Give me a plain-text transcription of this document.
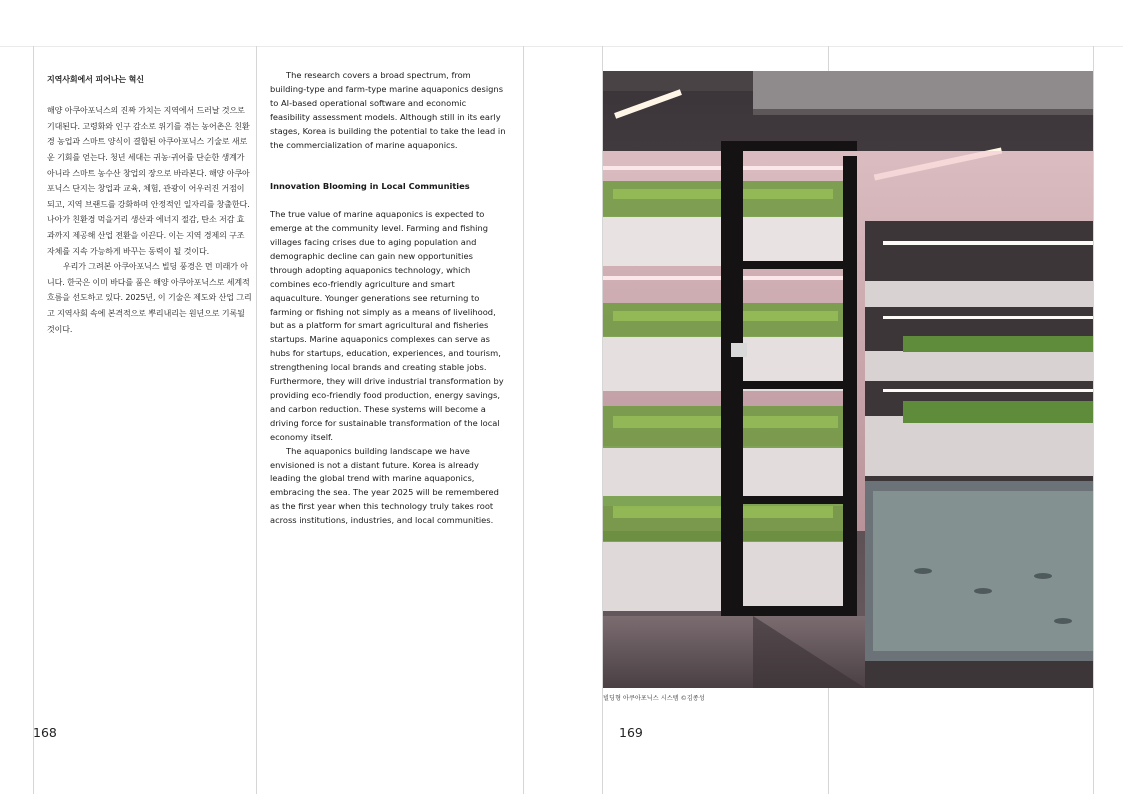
지역사회에서 피어나는 혁신

해양 아쿠아포닉스의 진짜 가치는 지역에서 드러날 것으로 기대된다. 고령화와 인구 감소로 위기를 겪는 농어촌은 친환경 농업과 스마트 양식이 결합된 아쿠아포닉스 기술로 새로운 기회를 얻는다. 청년 세대는 귀농·귀어를 단순한 생계가 아니라 스마트 농수산 창업의 장으로 바라본다. 해양 아쿠아포닉스 단지는 창업과 교육, 체험, 관광이 어우러진 거점이 되고, 지역 브랜드를 강화하며 안정적인 일자리를 창출한다. 나아가 친환경 먹을거리 생산과 에너지 절감, 탄소 저감 효과까지 제공해 산업 전환을 이끈다. 이는 지역 경제의 구조 자체를 지속 가능하게 바꾸는 동력이 될 것이다.

우리가 그려본 아쿠아포닉스 빌딩 풍경은 먼 미래가 아니다. 한국은 이미 바다를 품은 해양 아쿠아포닉스로 세계적 흐름을 선도하고 있다. 2025년, 이 기술은 제도와 산업 그리고 지역사회 속에 본격적으로 뿌리내리는 원년으로 기록될 것이다.

The research covers a broad spectrum, from building-type and farm-type marine aquaponics designs to AI-based operational software and economic feasibility assessment models. Although still in its early stages, Korea is building the potential to take the lead in the commercialization of marine aquaponics.

Innovation Blooming in Local Communities

The true value of marine aquaponics is expected to emerge at the community level. Farming and fishing villages facing crises due to aging population and demographic decline can gain new opportunities through adopting aquaponics technology, which combines eco-friendly agriculture and smart aquaculture. Younger generations see returning to farming or fishing not simply as a means of livelihood, but as a platform for smart agricultural and fisheries startups. Marine aquaponics complexes can serve as hubs for startups, education, experiences, and tourism, strengthening local brands and creating stable jobs. Furthermore, they will drive industrial transformation by providing eco-friendly food production, energy savings, and carbon reduction. These systems will become a driving force for sustainable transformation of the local economy itself.

The aquaponics building landscape we have envisioned is not a distant future. Korea is already leading the global trend with marine aquaponics, embracing the sea. The year 2025 will be remembered as the first year when this technology truly takes root across institutions, industries, and local communities.

168
빌딩형 아쿠아포닉스 시스템 ©김종성
169
